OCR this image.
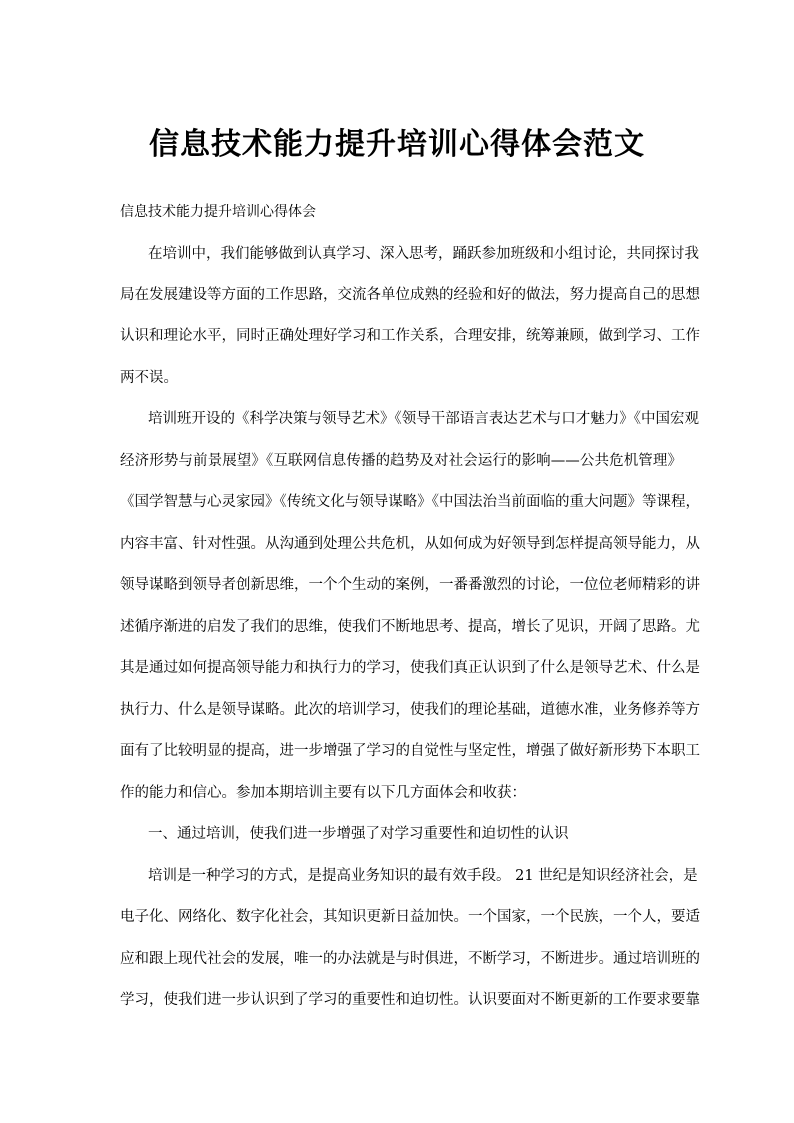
信息技术能力提升培训心得体会范文
信息技术能力提升培训心得体会
在培训中，我们能够做到认真学习、深入思考，踊跃参加班级和小组讨论，共同探讨我
局在发展建设等方面的工作思路，交流各单位成熟的经验和好的做法，努力提高自己的思想
认识和理论水平，同时正确处理好学习和工作关系，合理安排，统筹兼顾，做到学习、工作
两不误。
培训班开设的《科学决策与领导艺术》《领导干部语言表达艺术与口才魅力》《中国宏观
经济形势与前景展望》《互联网信息传播的趋势及对社会运行的影响——公共危机管理》
《国学智慧与心灵家园》《传统文化与领导谋略》《中国法治当前面临的重大问题》等课程，
内容丰富、针对性强。从沟通到处理公共危机，从如何成为好领导到怎样提高领导能力，从
领导谋略到领导者创新思维，一个个生动的案例，一番番激烈的讨论，一位位老师精彩的讲
述循序渐进的启发了我们的思维，使我们不断地思考、提高，增长了见识，开阔了思路。尤
其是通过如何提高领导能力和执行力的学习，使我们真正认识到了什么是领导艺术、什么是
执行力、什么是领导谋略。此次的培训学习，使我们的理论基础，道德水准，业务修养等方
面有了比较明显的提高，进一步增强了学习的自觉性与坚定性，增强了做好新形势下本职工
作的能力和信心。参加本期培训主要有以下几方面体会和收获：
一、通过培训，使我们进一步增强了对学习重要性和迫切性的认识
培训是一种学习的方式，是提高业务知识的最有效手段。 21 世纪是知识经济社会，是
电子化、网络化、数字化社会，其知识更新日益加快。一个国家，一个民族，一个人，要适
应和跟上现代社会的发展，唯一的办法就是与时俱进，不断学习，不断进步。通过培训班的
学习，使我们进一步认识到了学习的重要性和迫切性。认识要面对不断更新的工作要求要靠
